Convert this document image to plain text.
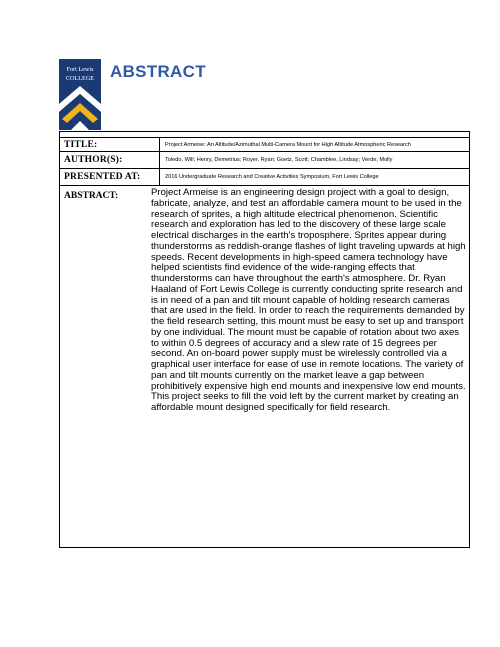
Fort Lewis
COLLEGE ABSTRACT
TITLE:	Project Armeise: An Altitude/Azimuthal Multi-Camera Mount for High Altitude Atmospheric Research
AUTHOR(S):	Toledo, Will; Henry, Demetrius; Royer, Ryan; Goetz, Scott; Chamblee, Lindsay; Verde, Molly
PRESENTED AT:	2016 Undergraduate Research and Creative Activities Symposium, Fort Lewis College
ABSTRACT:	Project Armeise is an engineering design project with a goal to design, fabricate, analyze, and test an affordable camera mount to be used in the research of sprites, a high altitude electrical phenomenon. Scientific research and exploration has led to the discovery of these large scale electrical discharges in the earth's troposphere. Sprites appear during thunderstorms as reddish-orange flashes of light traveling upwards at high speeds. Recent developments in high-speed camera technology have helped scientists find evidence of the wide-ranging effects that thunderstorms can have throughout the earth's atmosphere. Dr. Ryan Haaland of Fort Lewis College is currently conducting sprite research and is in need of a pan and tilt mount capable of holding research cameras that are used in the field. In order to reach the requirements demanded by the field research setting, this mount must be easy to set up and transport by one individual. The mount must be capable of rotation about two axes to within 0.5 degrees of accuracy and a slew rate of 15 degrees per second. An on-board power supply must be wirelessly controlled via a graphical user interface for ease of use in remote locations. The variety of pan and tilt mounts currently on the market leave a gap between prohibitively expensive high end mounts and inexpensive low end mounts. This project seeks to fill the void left by the current market by creating an affordable mount designed specifically for field research.
